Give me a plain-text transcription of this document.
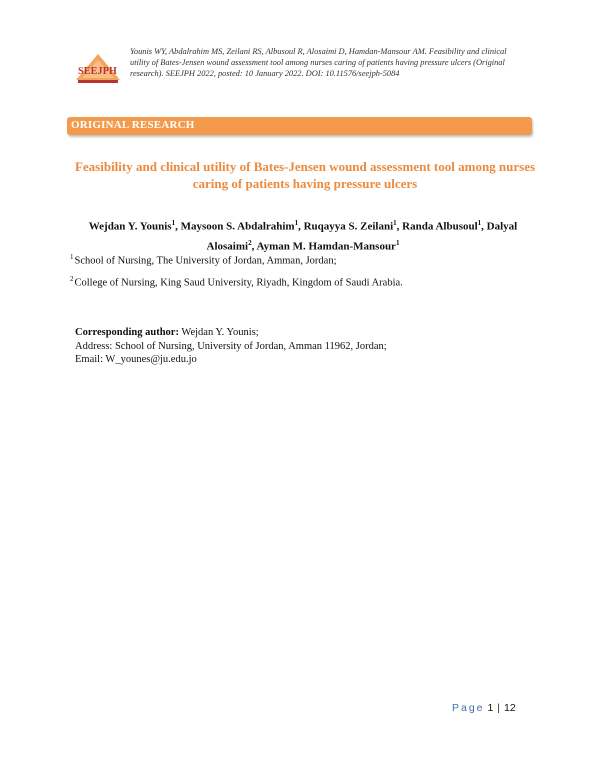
SEEJPH
Younis WY, Abdalrahim MS, Zeilani RS, Albusoul R, Alosaimi D, Hamdan-Mansour AM. Feasibility and clinical utility of Bates-Jensen wound assessment tool among nurses caring of patients having pressure ulcers (Original research). SEEJPH 2022, posted: 10 January 2022. DOI: 10.11576/seejph-5084
ORIGINAL RESEARCH
Feasibility and clinical utility of Bates-Jensen wound assessment tool among nurses caring of patients having pressure ulcers
Wejdan Y. Younis$^1$, Maysoon S. Abdalrahim$^1$, Ruqayya S. Zeilani$^1$, Randa Albusoul$^1$, Dalyal Alosaimi$^2$, Ayman M. Hamdan-Mansour$^1$
$^1$School of Nursing, The University of Jordan, Amman, Jordan;
$^2$College of Nursing, King Saud University, Riyadh, Kingdom of Saudi Arabia.
Corresponding author: Wejdan Y. Younis;
Address: School of Nursing, University of Jordan, Amman 11962, Jordan;
Email: W_younes@ju.edu.jo
Page 1 | 12
